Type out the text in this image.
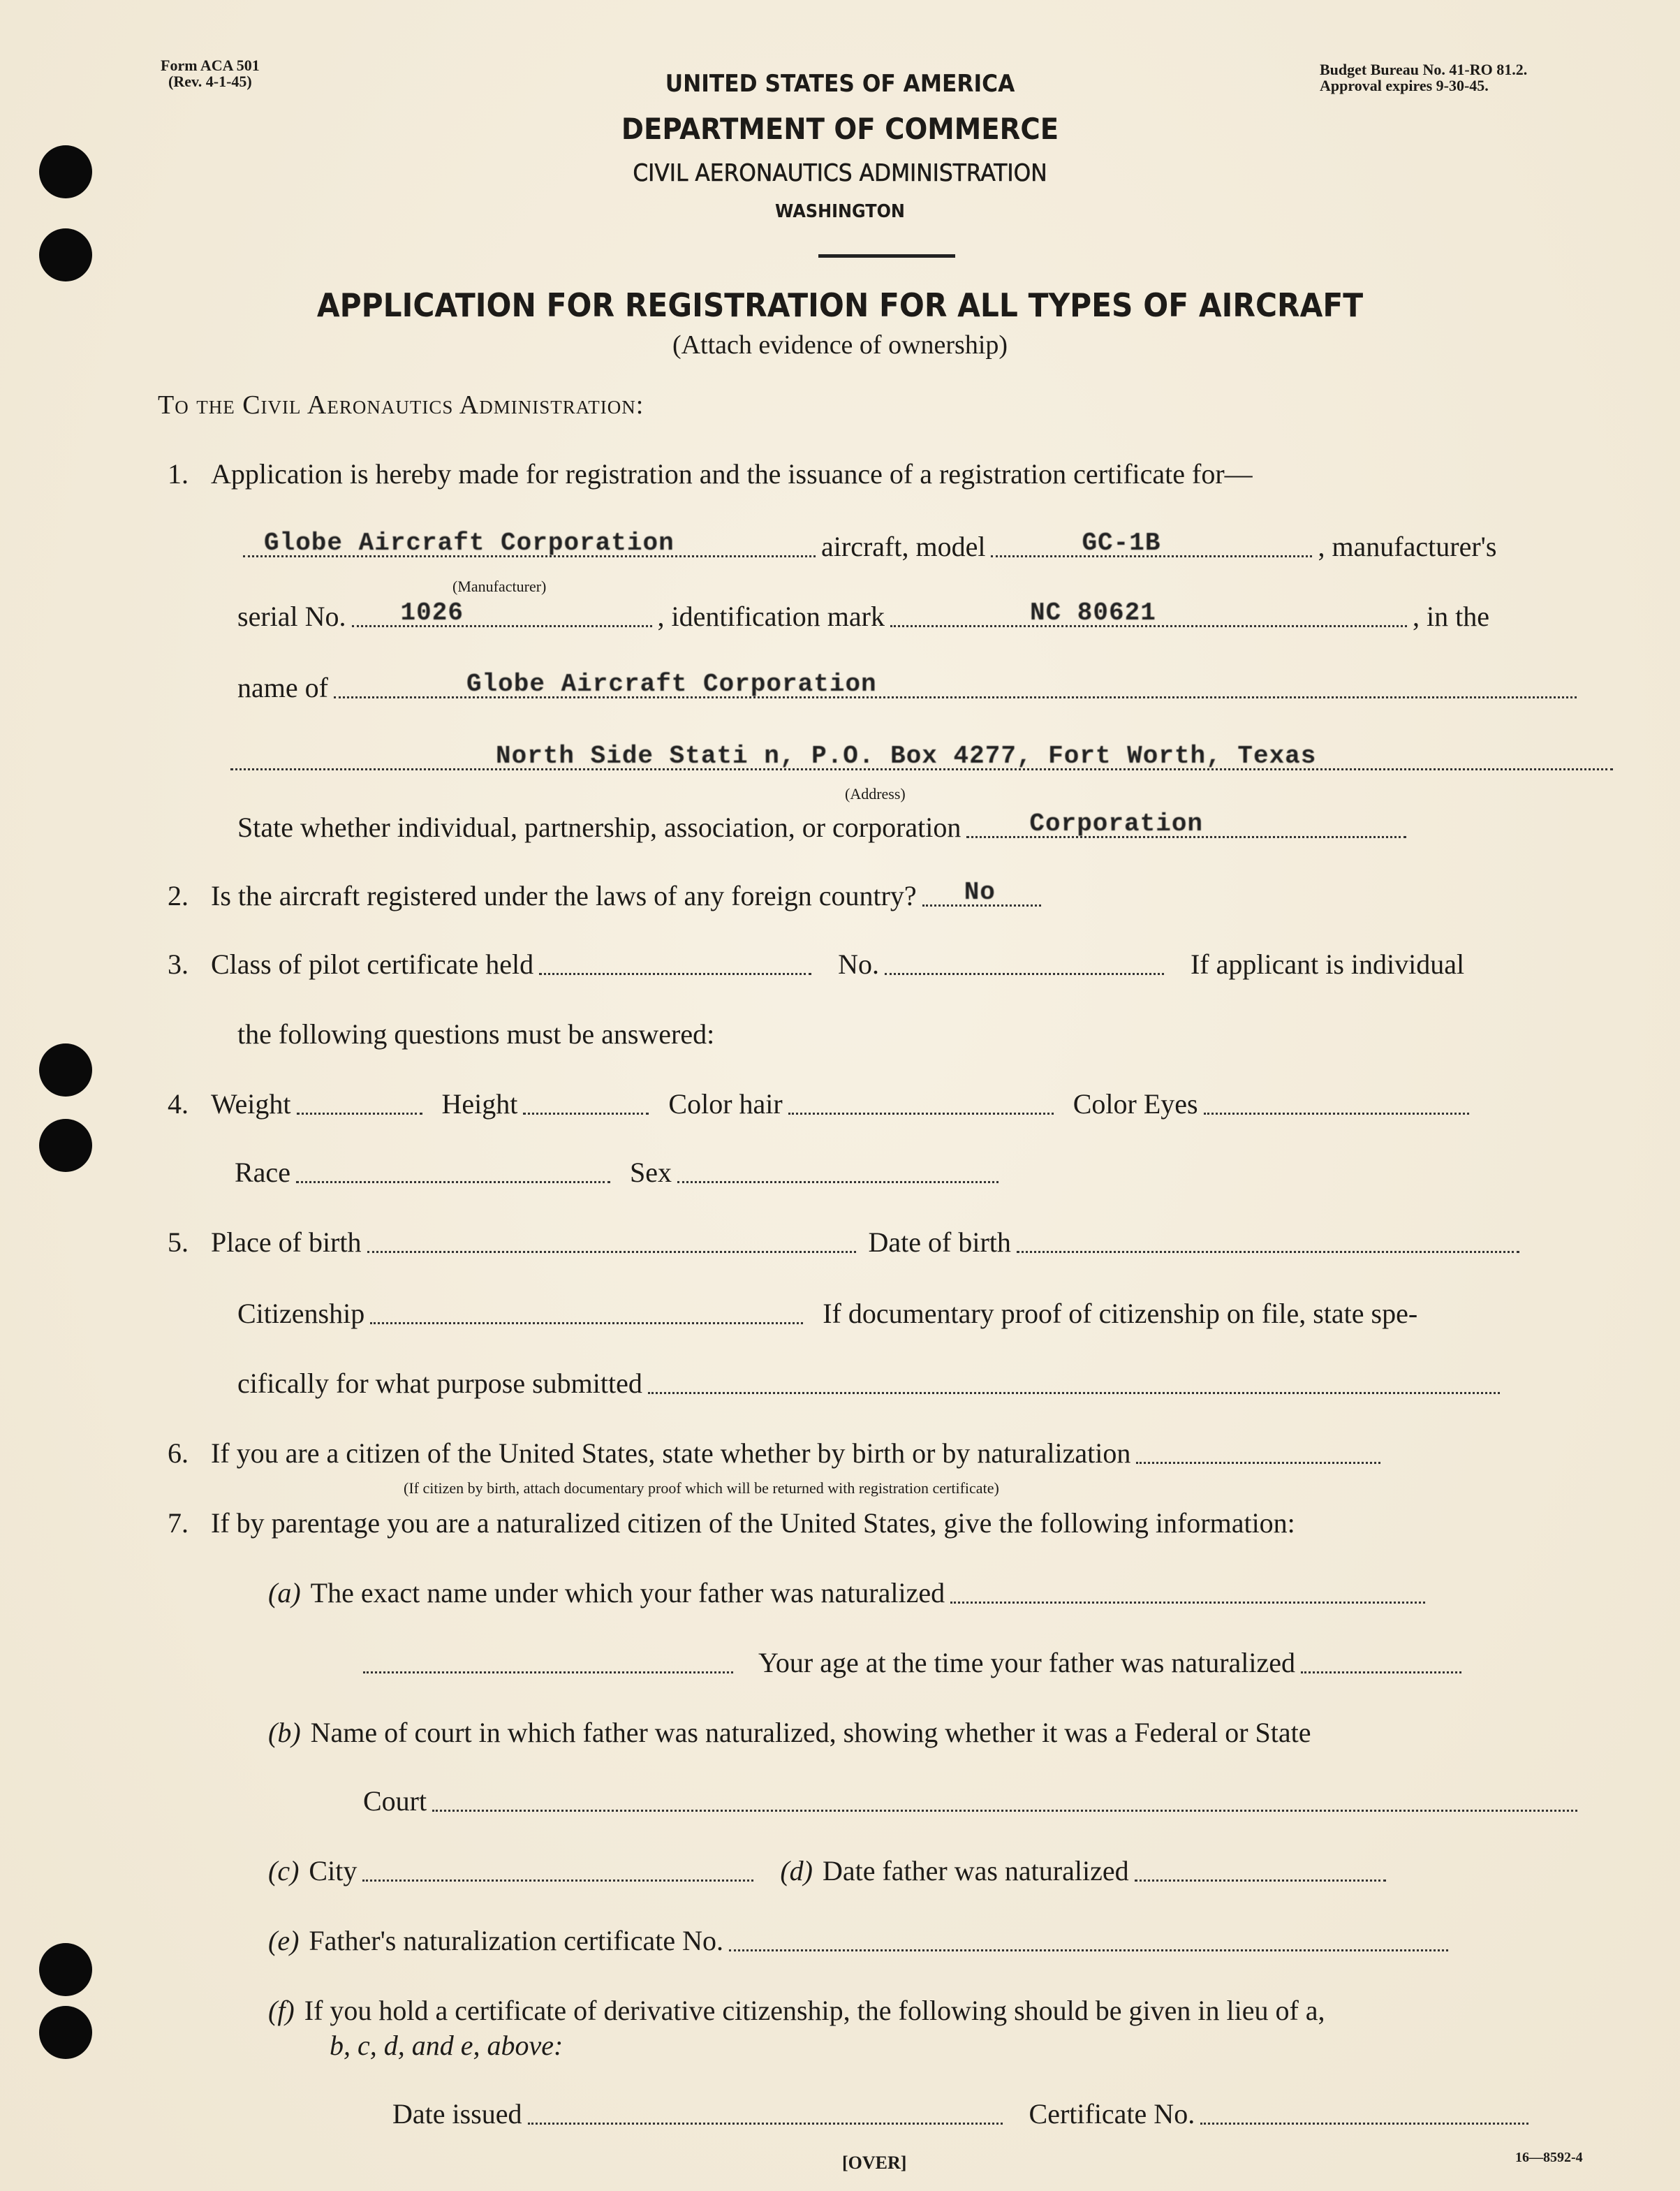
Form ACA 501
(Rev. 4-1-45)
Budget Bureau No. 41-RO 81.2.
Approval expires 9-30-45.
UNITED STATES OF AMERICA
DEPARTMENT OF COMMERCE
CIVIL AERONAUTICS ADMINISTRATION
WASHINGTON
APPLICATION FOR REGISTRATION FOR ALL TYPES OF AIRCRAFT
(Attach evidence of ownership)
To the Civil Aeronautics Administration:
1. Application is hereby made for registration and the issuance of a registration certificate for—
Globe Aircraft Corporation
(Manufacturer)
aircraft, model	GC-1B	, manufacturer's
serial No. 1026	, identification mark	NC 80621	, in the
name of	Globe Aircraft Corporation
North Side Stati n, P.O. Box 4277, Fort Worth, Texas
(Address)
State whether individual, partnership, association, or corporation	Corporation
2. Is the aircraft registered under the laws of any foreign country? No
3. Class of pilot certificate held	No.	If applicant is individual
the following questions must be answered:
4. Weight	Height	Color hair	Color Eyes
Race	Sex
5. Place of birth	Date of birth
Citizenship	If documentary proof of citizenship on file, state spe-
cifically for what purpose submitted
6. If you are a citizen of the United States, state whether by birth or by naturalization
(If citizen by birth, attach documentary proof which will be returned with registration certificate)
7. If by parentage you are a naturalized citizen of the United States, give the following information:
(a) The exact name under which your father was naturalized
Your age at the time your father was naturalized
(b) Name of court in which father was naturalized, showing whether it was a Federal or State
Court
(c) City	(d) Date father was naturalized
(e) Father's naturalization certificate No.
(f) If you hold a certificate of derivative citizenship, the following should be given in lieu of a,
b, c, d, and e, above:
Date issued	Certificate No.
[OVER]	16—8592-4
